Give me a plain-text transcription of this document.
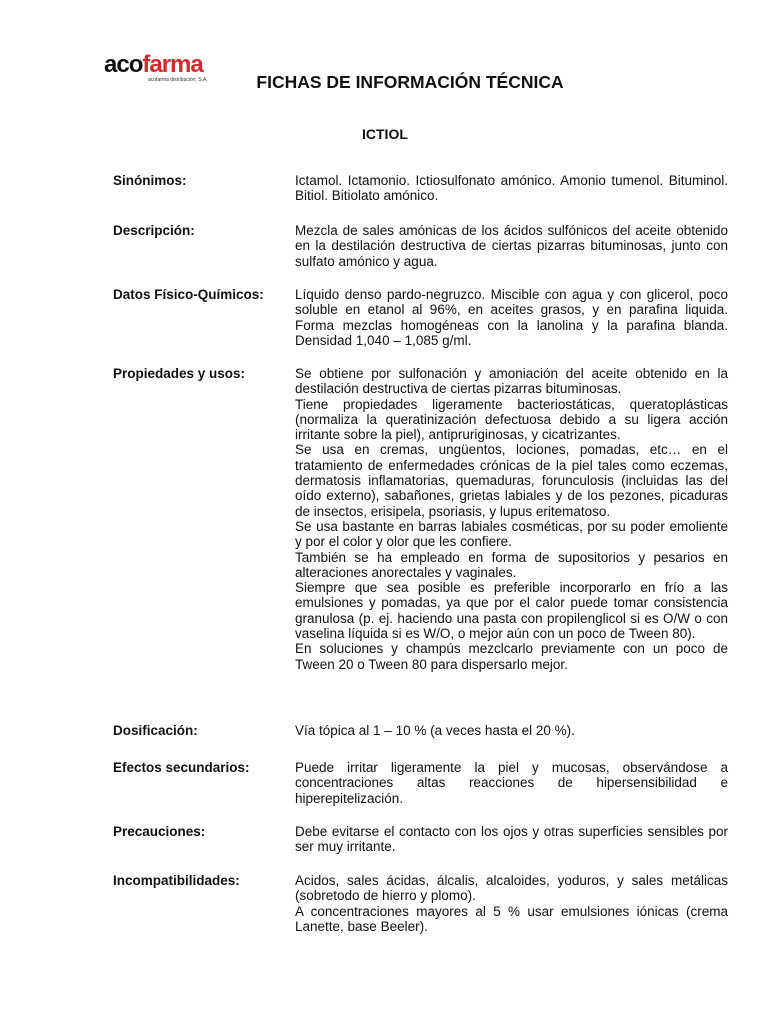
acofarma
acofarma distribución, S.A.	FICHAS DE INFORMACIÓN TÉCNICA
ICTIOL
Sinónimos:	Ictamol. Ictamonio. Ictiosulfonato amónico. Amonio tumenol. Bituminol. Bitiol. Bitiolato amónico.

Descripción:	Mezcla de sales amónicas de los ácidos sulfónicos del aceite obtenido en la destilación destructiva de ciertas pizarras bituminosas, junto con sulfato amónico y agua.

Datos Físico-Químicos:	Líquido denso pardo-negruzco. Miscible con agua y con glicerol, poco soluble en etanol al 96%, en aceites grasos, y en parafina liquida. Forma mezclas homogéneas con la lanolina y la parafina blanda. Densidad 1,040 – 1,085 g/ml.

Propiedades y usos:	Se obtiene por sulfonación y amoniación del aceite obtenido en la destilación destructiva de ciertas pizarras bituminosas.

Tiene propiedades ligeramente bacteriostáticas, queratoplásticas (normaliza la queratinización defectuosa debido a su ligera acción irritante sobre la piel), antipruriginosas, y cicatrizantes.

Se usa en cremas, ungüentos, lociones, pomadas, etc… en el tratamiento de enfermedades crónicas de la piel tales como eczemas, dermatosis inflamatorias, quemaduras, forunculosis (incluidas las del oído externo), sabañones, grietas labiales y de los pezones, picaduras de insectos, erisipela, psoriasis, y lupus eritematoso.

Se usa bastante en barras labiales cosméticas, por su poder emoliente y por el color y olor que les confiere.

También se ha empleado en forma de supositorios y pesarios en alteraciones anorectales y vaginales.

Siempre que sea posible es preferible incorporarlo en frío a las emulsiones y pomadas, ya que por el calor puede tomar consistencia granulosa (p. ej. haciendo una pasta con propilenglicol si es O/W o con vaselina líquida si es W/O, o mejor aún con un poco de Tween 80).

En soluciones y champús mezclcarlo previamente con un poco de Tween 20 o Tween 80 para dispersarlo mejor.

Dosificación:	Vía tópica al 1 – 10 % (a veces hasta el 20 %).

Efectos secundarios:	Puede irritar ligeramente la piel y mucosas, observándose a concentraciones altas reacciones de hipersensibilidad e hiperepitelización.

Precauciones:	Debe evitarse el contacto con los ojos y otras superficies sensibles por ser muy irritante.

Incompatibilidades:	Acidos, sales ácidas, álcalis, alcaloides, yoduros, y sales metálicas (sobretodo de hierro y plomo).

A concentraciones mayores al 5 % usar emulsiones iónicas (crema Lanette, base Beeler).
